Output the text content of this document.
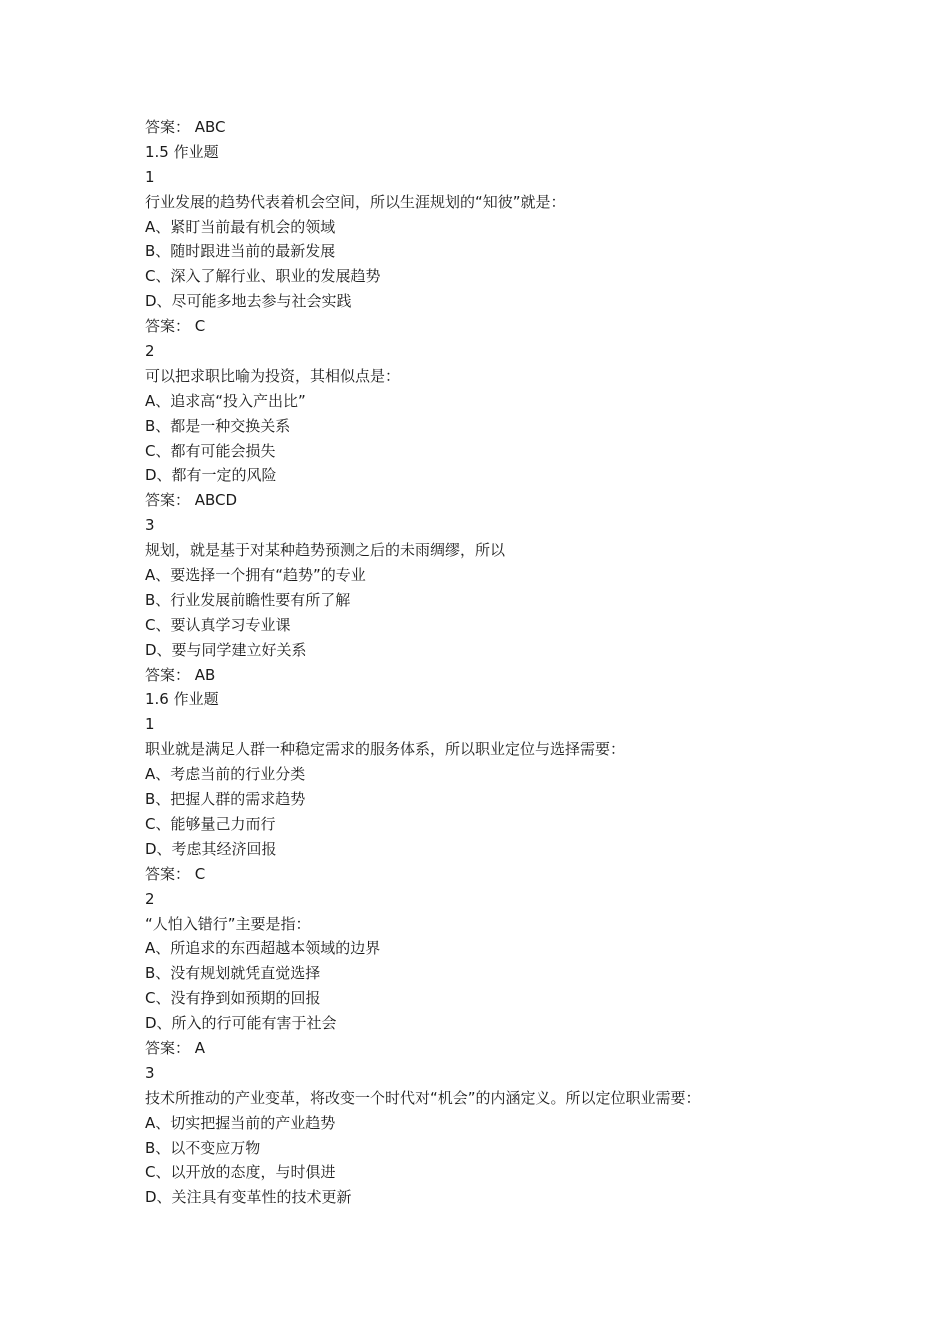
答案： ABC
1.5 作业题
1
行业发展的趋势代表着机会空间，所以生涯规划的“知彼”就是：
A、紧盯当前最有机会的领域
B、随时跟进当前的最新发展
C、深入了解行业、职业的发展趋势
D、尽可能多地去参与社会实践
答案： C
2
可以把求职比喻为投资，其相似点是：
A、追求高“投入产出比”
B、都是一种交换关系
C、都有可能会损失
D、都有一定的风险
答案： ABCD
3
规划，就是基于对某种趋势预测之后的未雨绸缪，所以
A、要选择一个拥有“趋势”的专业
B、行业发展前瞻性要有所了解
C、要认真学习专业课
D、要与同学建立好关系
答案： AB
1.6 作业题
1
职业就是满足人群一种稳定需求的服务体系，所以职业定位与选择需要：
A、考虑当前的行业分类
B、把握人群的需求趋势
C、能够量己力而行
D、考虑其经济回报
答案： C
2
“人怕入错行”主要是指：
A、所追求的东西超越本领域的边界
B、没有规划就凭直觉选择
C、没有挣到如预期的回报
D、所入的行可能有害于社会
答案： A
3
技术所推动的产业变革，将改变一个时代对“机会”的内涵定义。所以定位职业需要：
A、切实把握当前的产业趋势
B、以不变应万物
C、以开放的态度，与时俱进
D、关注具有变革性的技术更新
